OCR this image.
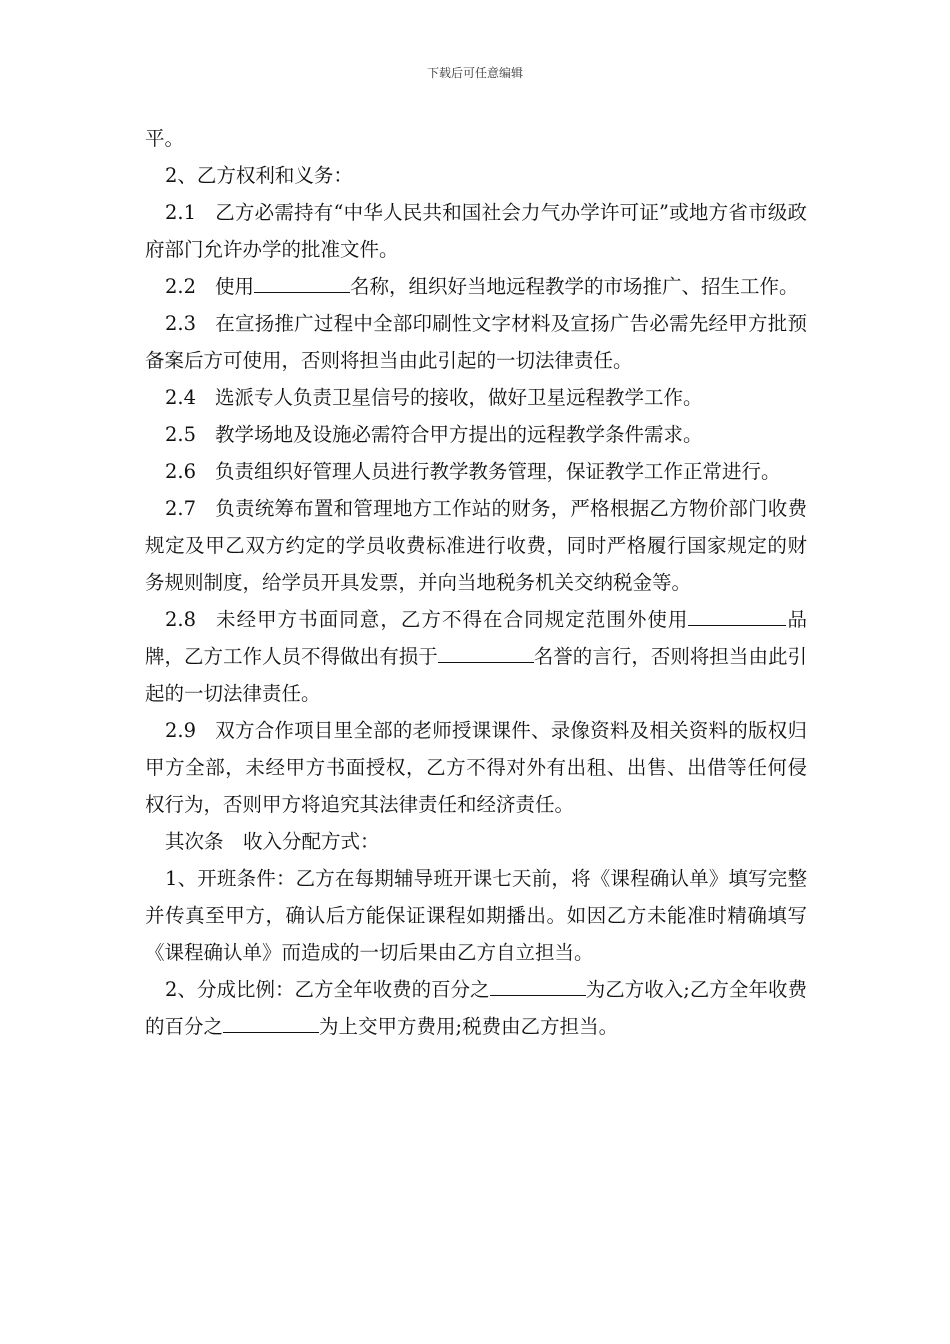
下载后可任意编辑

平。

2、乙方权利和义务：

2.1 乙方必需持有“中华人民共和国社会力气办学许可证”或地方省市级政府部门允许办学的批准文件。

2.2 使用	名称，组织好当地远程教学的市场推广、招生工作。

2.3 在宣扬推广过程中全部印刷性文字材料及宣扬广告必需先经甲方批预备案后方可使用，否则将担当由此引起的一切法律责任。

2.4 选派专人负责卫星信号的接收，做好卫星远程教学工作。

2.5 教学场地及设施必需符合甲方提出的远程教学条件需求。

2.6 负责组织好管理人员进行教学教务管理，保证教学工作正常进行。

2.7 负责统筹布置和管理地方工作站的财务，严格根据乙方物价部门收费规定及甲乙双方约定的学员收费标准进行收费，同时严格履行国家规定的财务规则制度，给学员开具发票，并向当地税务机关交纳税金等。

2.8 未经甲方书面同意，乙方不得在合同规定范围外使用	品牌，乙方工作人员不得做出有损于	名誉的言行，否则将担当由此引起的一切法律责任。

2.9 双方合作项目里全部的老师授课课件、录像资料及相关资料的版权归甲方全部，未经甲方书面授权，乙方不得对外有出租、出售、出借等任何侵权行为，否则甲方将追究其法律责任和经济责任。

其次条　收入分配方式：

1、开班条件：乙方在每期辅导班开课七天前，将《课程确认单》填写完整并传真至甲方，确认后方能保证课程如期播出。如因乙方未能准时精确填写《课程确认单》而造成的一切后果由乙方自立担当。

2、分成比例：乙方全年收费的百分之	为乙方收入;乙方全年收费的百分之	为上交甲方费用;税费由乙方担当。
